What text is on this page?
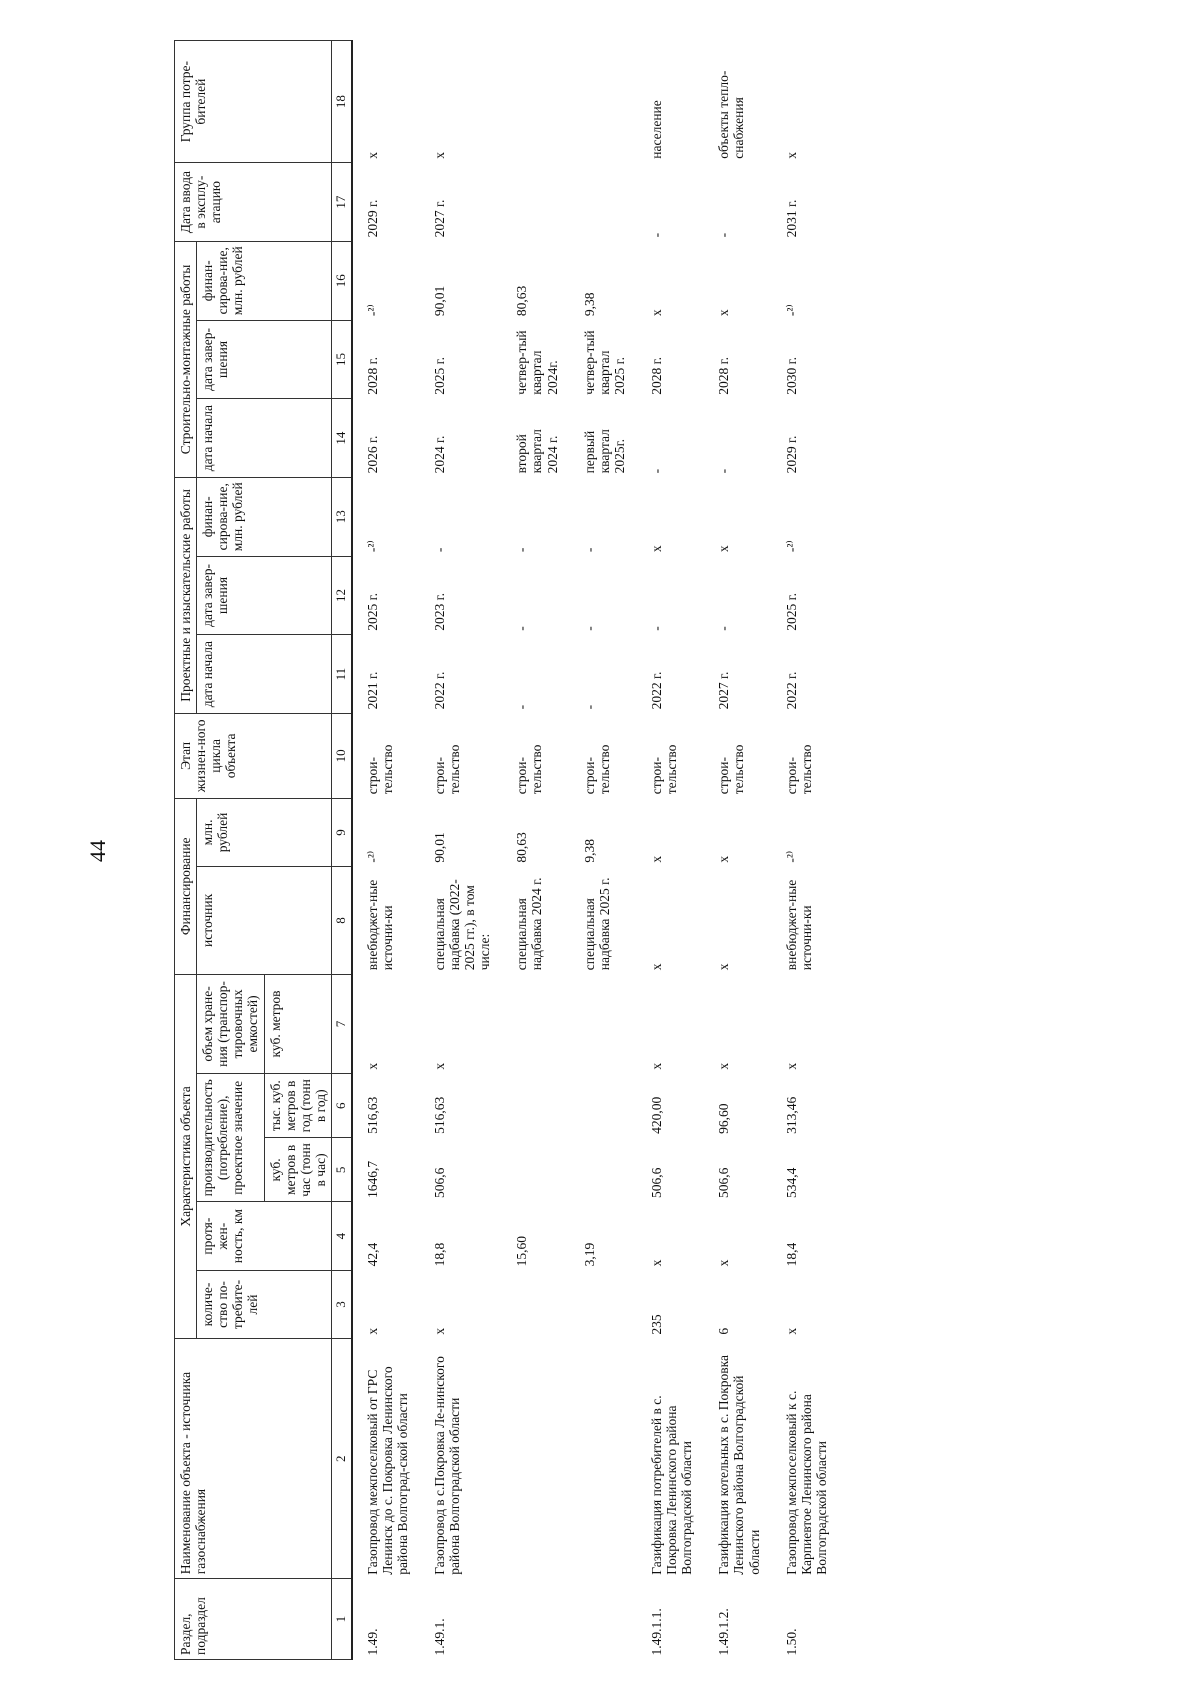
44
Раздел, подраздел	Наименование объекта - источника газоснабжения	Характеристика объекта					Финансирование		Этап жизнен-ного цикла объекта	Проектные и изыскательские работы			Строительно-монтажные работы			Дата ввода в эксплу-атацию	Группа потре-бителей
		количе-ство по-требите-лей	протя-жен-ность, км	производительность (потребление), проектное значение		объем хране-ния (транспор-тировочных емкостей)	источник	млн. рублей		дата начала	дата завер-шения	финан-сирова-ние, млн. рублей	дата начала	дата завер-шения	финан-сирова-ние, млн. рублей		
				куб. метров в час (тонн в час)	тыс. куб. метров в год (тонн в год)	куб. метров											
1	2	3	4	5	6	7	8	9	10	11	12	13	14	15	16	17	18
1.49.	Газопровод межпоселковый от ГРС Ленинск до с. Покровка Ленинского района Волгоград-ской области	х	42,4	1646,7	516,63	х	внебюджет-ные источни-ки	-²⁾	строи-тельство	2021 г.	2025 г.	-²⁾	2026 г.	2028 г.	-²⁾	2029 г.	х
1.49.1.	Газопровод в с.Покровка Ле-нинского района Волгоградской области	х	18,8	506,6	516,63	х	специальная надбавка (2022-2025 гг.), в том числе:	90,01	строи-тельство	2022 г.	2023 г.	-	2024 г.	2025 г.	90,01	2027 г.	х
			15,60				специальная надбавка 2024 г.	80,63	строи-тельство	-	-	-	второй квартал 2024 г.	четвер-тый квартал 2024г.	80,63		
			3,19				специальная надбавка 2025 г.	9,38	строи-тельство	-	-	-	первый квартал 2025г.	четвер-тый квартал 2025 г.	9,38		
1.49.1.1.	Газификация потребителей в с. Покровка Ленинского района Волгоградской области	235	х	506,6	420,00	х	х	х	строи-тельство	2022 г.	-	х	-	2028 г.	х	-	население
1.49.1.2.	Газификация котельных в с. Покровка Ленинского района Волгоградской области	6	х	506,6	96,60	х	х	х	строи-тельство	2027 г.	-	х	-	2028 г.	х	-	объекты тепло-снабжения
1.50.	Газопровод межпоселковый к с. Карпиевтое Ленинского района Волгоградской области	х	18,4	534,4	313,46	х	внебюджет-ные источни-ки	-²⁾	строи-тельство	2022 г.	2025 г.	-²⁾	2029 г.	2030 г.	-²⁾	2031 г.	х
